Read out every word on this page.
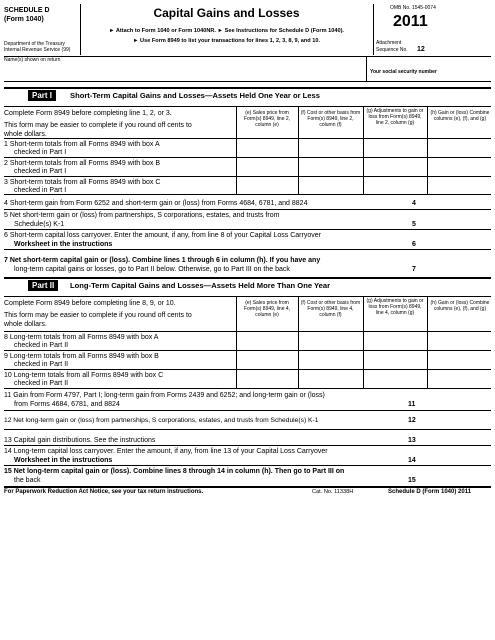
SCHEDULE D
(Form 1040)
Department of the Treasury
Internal Revenue Service (99)
Capital Gains and Losses
► Attach to Form 1040 or Form 1040NR. ► See Instructions for Schedule D (Form 1040).
► Use Form 8949 to list your transactions for lines 1, 2, 3, 8, 9, and 10.
OMB No. 1545-0074
2011
Attachment
Sequence No. 12
Name(s) shown on return
Your social security number
Part I	Short-Term Capital Gains and Losses—Assets Held One Year or Less
Complete Form 8949 before completing line 1, 2, or 3.
This form may be easier to complete if you round off cents to
whole dollars.
(e) Sales price from Form(s) 8949, line 2, column (e)
(f) Cost or other basis from Form(s) 8949, line 2, column (f)
(g) Adjustments to gain or loss from Form(s) 8949, line 2, column (g)
(h) Gain or (loss) Combine columns (e), (f), and (g)
1 Short-term totals from all Forms 8949 with box A
checked in Part I
2 Short-term totals from all Forms 8949 with box B
checked in Part I
3 Short-term totals from all Forms 8949 with box C
checked in Part I
4 Short-term gain from Form 6252 and short-term gain or (loss) from Forms 4684, 6781, and 8824	4
5 Net short-term gain or (loss) from partnerships, S corporations, estates, and trusts from
Schedule(s) K-1	5
6 Short-term capital loss carryover. Enter the amount, if any, from line 8 of your Capital Loss Carryover
Worksheet in the instructions	6
7 Net short-term capital gain or (loss). Combine lines 1 through 6 in column (h). If you have any
long-term capital gains or losses, go to Part II below. Otherwise, go to Part III on the back	7
Part II	Long-Term Capital Gains and Losses—Assets Held More Than One Year
Complete Form 8949 before completing line 8, 9, or 10.
This form may be easier to complete if you round off cents to
whole dollars.
(e) Sales price from Form(s) 8949, line 4, column (e)
(f) Cost or other basis from Form(s) 8949, line 4, column (f)
(g) Adjustments to gain or loss from Form(s) 8949, line 4, column (g)
(h) Gain or (loss) Combine columns (e), (f), and (g)
8 Long-term totals from all Forms 8949 with box A
checked in Part II
9 Long-term totals from all Forms 8949 with box B
checked in Part II
10 Long-term totals from all Forms 8949 with box C
checked in Part II
11 Gain from Form 4797, Part I; long-term gain from Forms 2439 and 6252; and long-term gain or (loss)
from Forms 4684, 6781, and 8824	11
12 Net long-term gain or (loss) from partnerships, S corporations, estates, and trusts from Schedule(s) K-1	12
13 Capital gain distributions. See the instructions	13
14 Long-term capital loss carryover. Enter the amount, if any, from line 13 of your Capital Loss Carryover
Worksheet in the instructions	14
15 Net long-term capital gain or (loss). Combine lines 8 through 14 in column (h). Then go to Part III on
the back	15
For Paperwork Reduction Act Notice, see your tax return instructions.	Cat. No. 11338H	Schedule D (Form 1040) 2011
